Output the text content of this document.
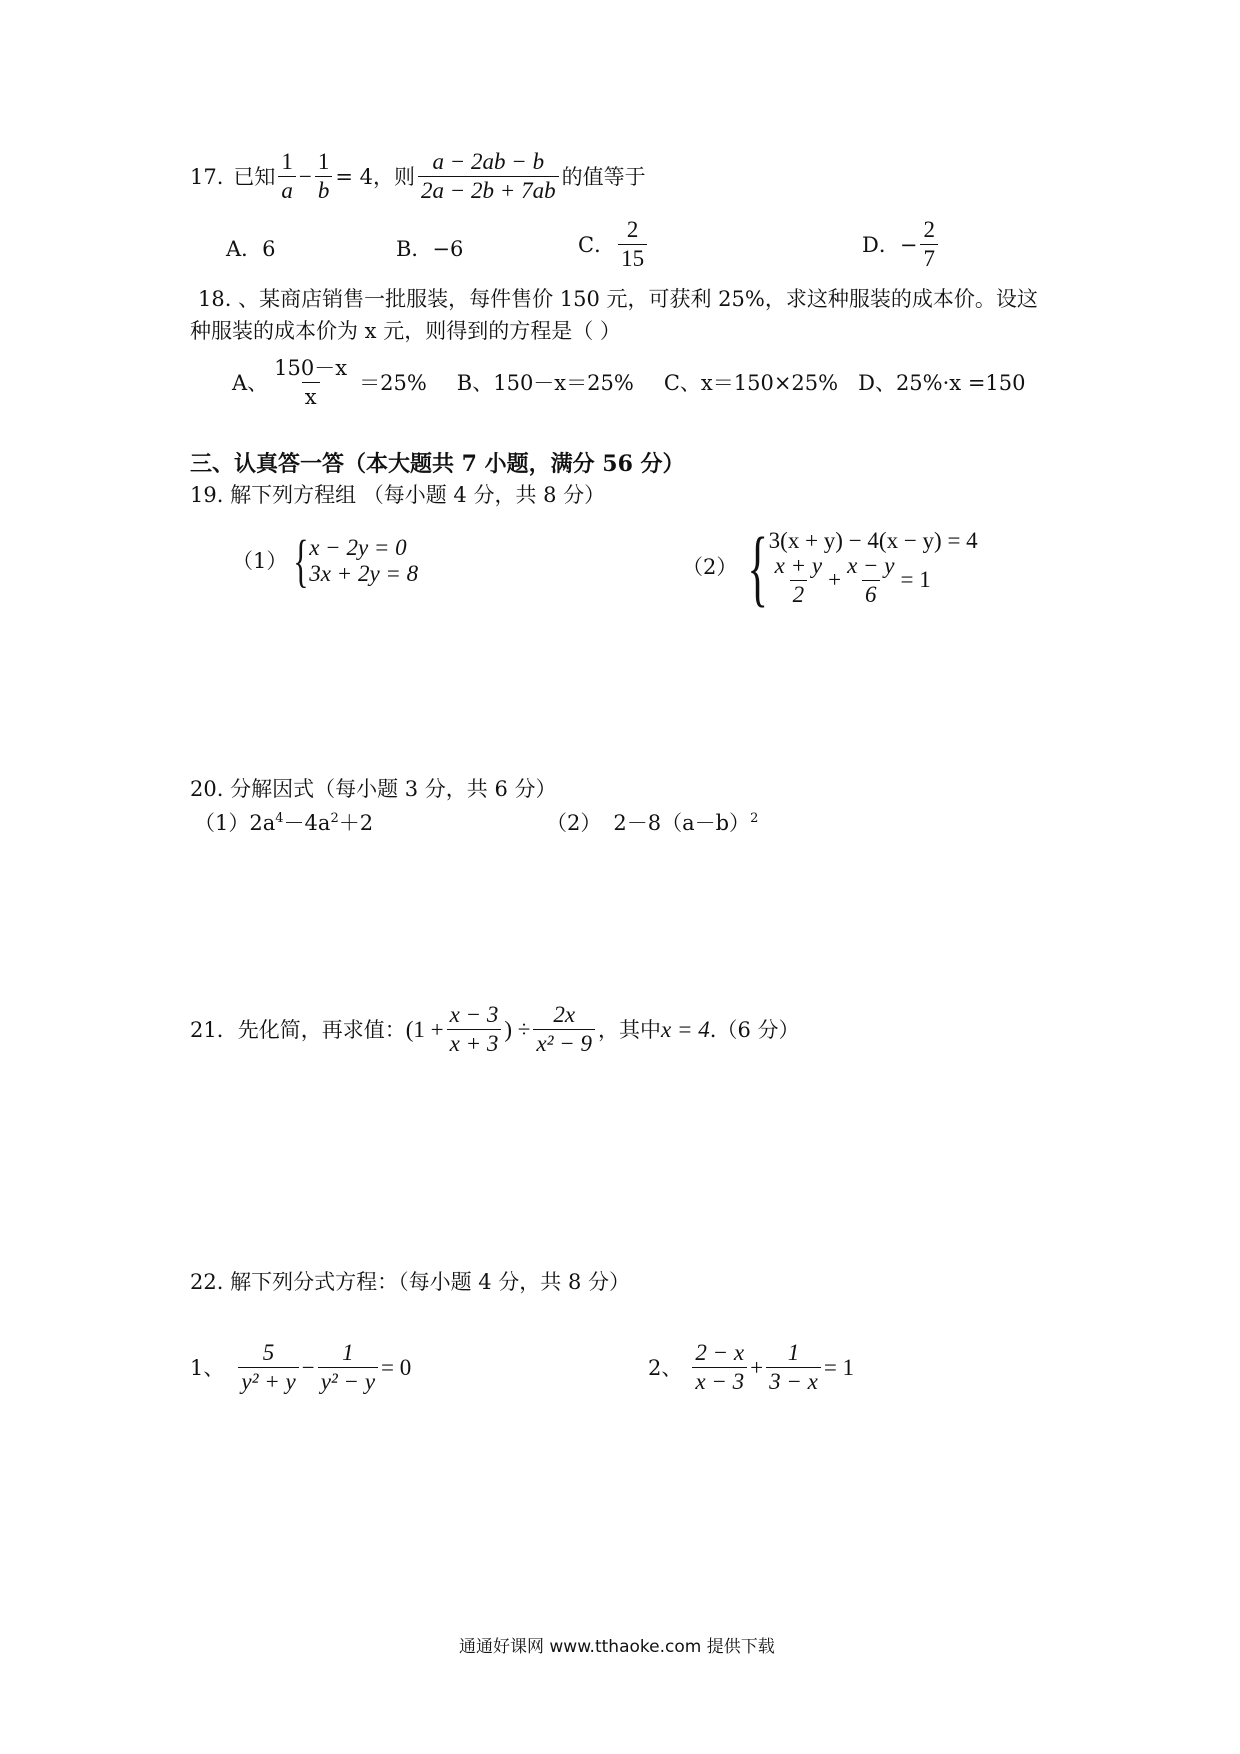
17. 已知 $\frac{1}{a} - \frac{1}{b} = 4$，则 $\frac{a - 2ab - b}{2a - 2b + 7ab}$ 的值等于
A．6	B．−6	C． $\frac{2}{15}$	D．− $\frac{2}{7}$
18. 、某商店销售一批服装，每件售价 150 元，可获利 25%，求这种服装的成本价。设这
种服装的成本价为 x 元，则得到的方程是（ ）
A、 $\frac{150-x}{x} =25\%$ B、150－x＝25% C、x＝150×25% D、25%·x =150
三、认真答一答（本大题共 7 小题，满分 56 分）
19. 解下列方程组 （每小题 4 分，共 8 分）
（1） { x − 2y = 0
3x + 2y = 8	（2） { 3(x + y) − 4(x − y) = 4
$\frac{x + y}{2} + \frac{x - y}{6} = 1$
20. 分解因式（每小题 3 分，共 6 分）
$(1)2a^4-4a^2+2$	（2） $2-8(a-b)^2$
21．先化简，再求值： ($1 + \frac{x - 3}{x + 3}$ ) ÷ $\frac{2x}{\text{x² − 9}}$ ，其中 x = 4 .（6 分）
22. 解下列分式方程：（每小题 4 分，共 8 分）
1、 $\frac{5}{\text{y² + y}} - \frac{1}{\text{y² − y}} = 0$	2、 $\frac{2 - x}{x - 3} + \frac{1}{3 - x} = 1$
通通好课网 www.tthaoke.com 提供下载
